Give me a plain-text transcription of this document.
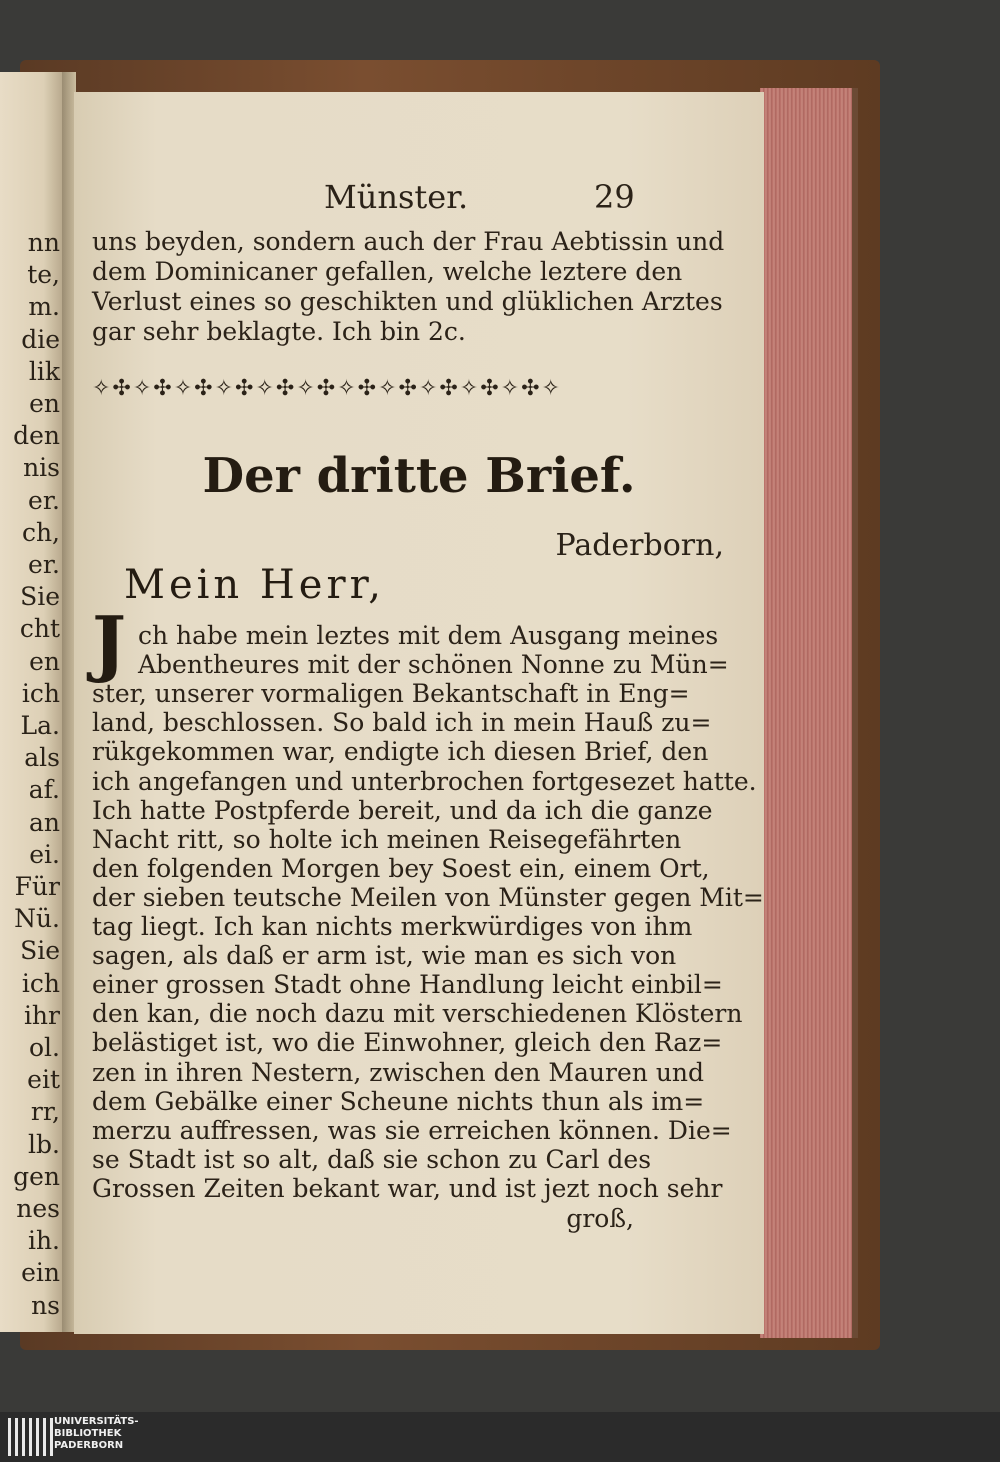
nn
te,
m.
die
lik
en
den
nis
er.
ch,
er.
Sie
cht
en
ich
La.
als
af.
an
ei.
Für
Nü.
Sie
ich
ihr
ol.
eit
rr,
lb.
gen
nes
ih.
ein
ns
Münster.	29
uns beyden, sondern auch der Frau Aebtissin und
dem Dominicaner gefallen, welche leztere den
Verlust eines so geschikten und glüklichen Arztes
gar sehr beklagte. Ich bin 2c.
✧✣✧✣✧✣✧✣✧✣✧✣✧✣✧✣✧✣✧✣✧✣✧
Der dritte Brief.
Paderborn,
Mein Herr,
J ch habe mein leztes mit dem Ausgang meines
Abentheures mit der schönen Nonne zu Mün=
ster, unserer vormaligen Bekantschaft in Eng=
land, beschlossen. So bald ich in mein Hauß zu=
rükgekommen war, endigte ich diesen Brief, den
ich angefangen und unterbrochen fortgesezet hatte.
Ich hatte Postpferde bereit, und da ich die ganze
Nacht ritt, so holte ich meinen Reisegefährten
den folgenden Morgen bey Soest ein, einem Ort,
der sieben teutsche Meilen von Münster gegen Mit=
tag liegt. Ich kan nichts merkwürdiges von ihm
sagen, als daß er arm ist, wie man es sich von
einer grossen Stadt ohne Handlung leicht einbil=
den kan, die noch dazu mit verschiedenen Klöstern
belästiget ist, wo die Einwohner, gleich den Raz=
zen in ihren Nestern, zwischen den Mauren und
dem Gebälke einer Scheune nichts thun als im=
merzu auffressen, was sie erreichen können. Die=
se Stadt ist so alt, daß sie schon zu Carl des
Grossen Zeiten bekant war, und ist jezt noch sehr
groß,
UNIVERSITÄTS-
BIBLIOTHEK
PADERBORN
